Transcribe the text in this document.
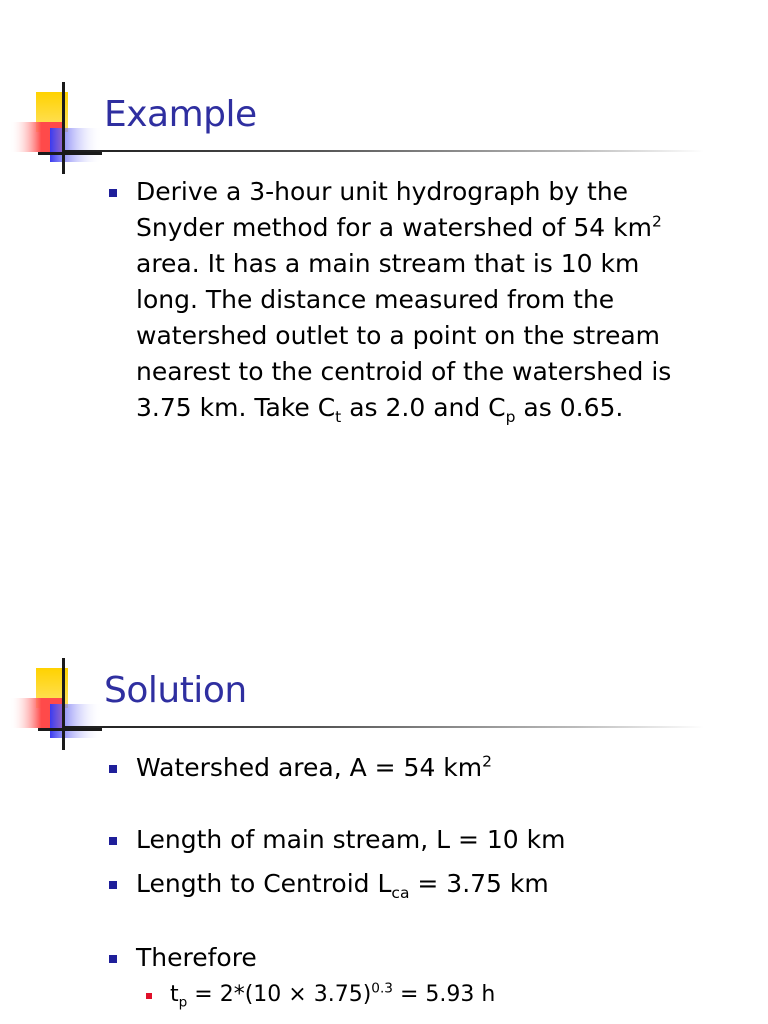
Example
Derive a 3-hour unit hydrograph by the
Snyder method for a watershed of 54 $km^2$
area. It has a main stream that is 10 km
long. The distance measured from the
watershed outlet to a point on the stream
nearest to the centroid of the watershed is
3.75 km. Take $C_t$ as 2.0 and $C_p$ as 0.65.
Solution
Watershed area, A = 54 $km^2$
Length of main stream, L = 10 km
Length to Centroid $L_{ca} = 3.75$ km
Therefore
$t_p = 2*(10 \times 3.75)^{0.3} = 5.93$ h
